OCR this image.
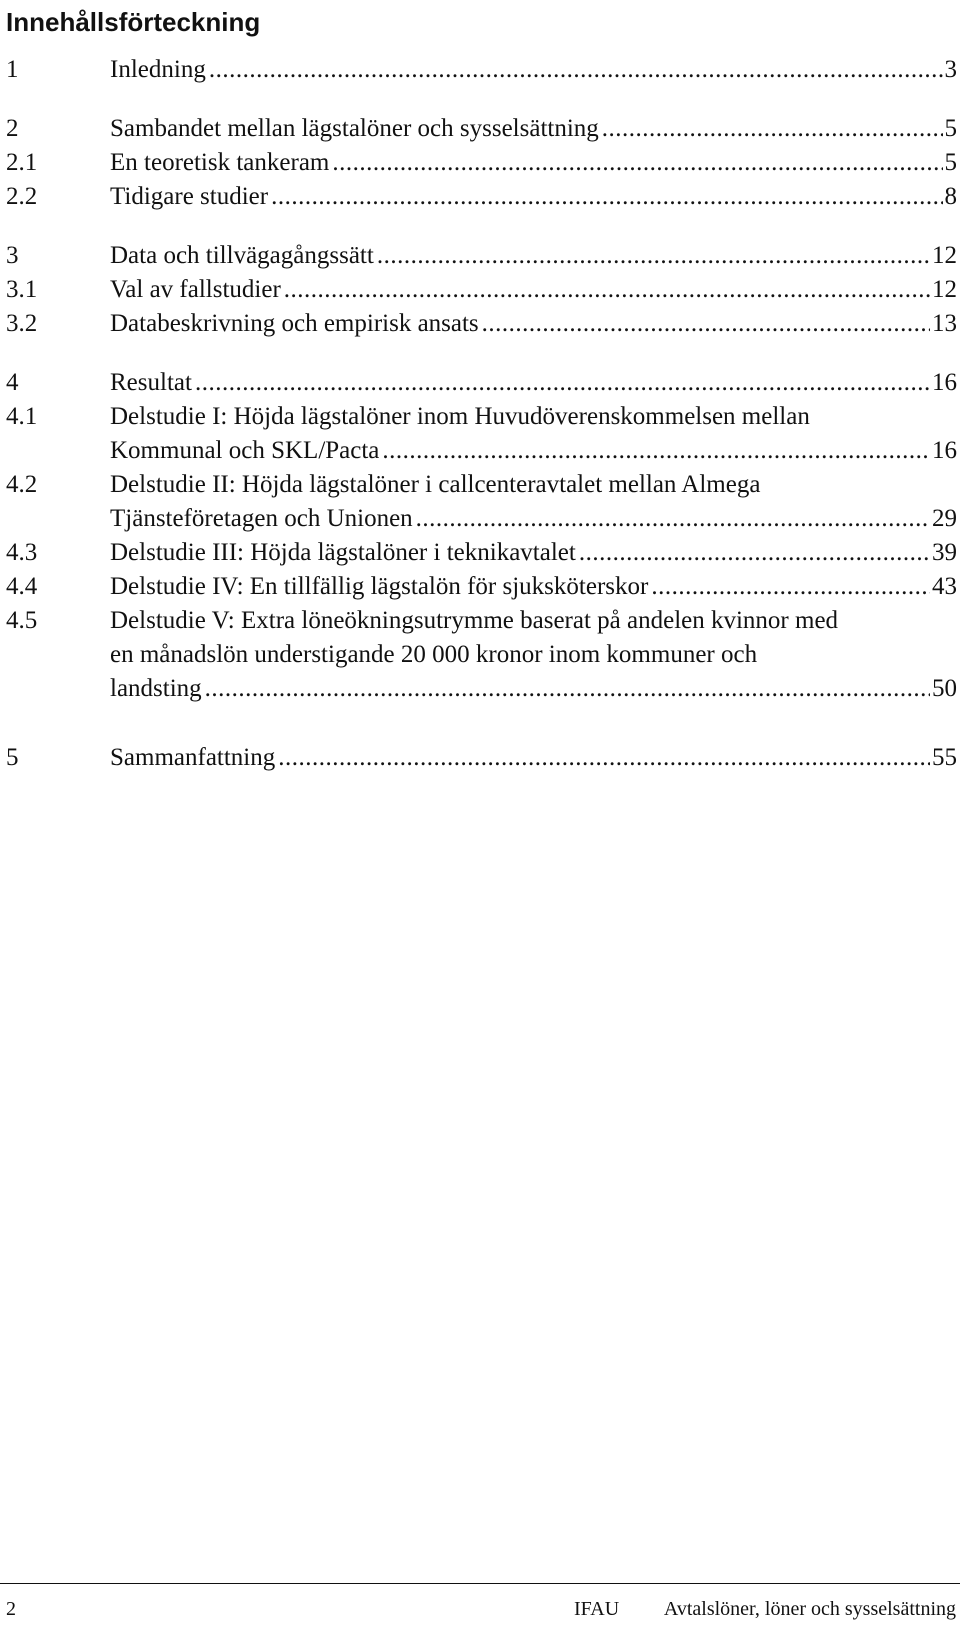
Innehållsförteckning
1	Inledning .....	3
2	Sambandet mellan lägstalöner och sysselsättning .....	5
2.1	En teoretisk tankeram .....	5
2.2	Tidigare studier .....	8
3	Data och tillvägagångssätt .....	12
3.1	Val av fallstudier .....	12
3.2	Databeskrivning och empirisk ansats .....	13
4	Resultat .....	16
4.1	Delstudie I: Höjda lägstalöner inom Huvudöverenskommelsen mellan
Kommunal och SKL/Pacta .....	16
4.2	Delstudie II: Höjda lägstalöner i callcenteravtalet mellan Almega
Tjänsteföretagen och Unionen .....	29
4.3	Delstudie III: Höjda lägstalöner i teknikavtalet .....	39
4.4	Delstudie IV: En tillfällig lägstalön för sjuksköterskor .....	43
4.5	Delstudie V: Extra löneökningsutrymme baserat på andelen kvinnor med
en månadslön understigande 20 000 kronor inom kommuner och
landsting .....	50
5	Sammanfattning .....	55
2	IFAU Avtalslöner, löner och sysselsättning
